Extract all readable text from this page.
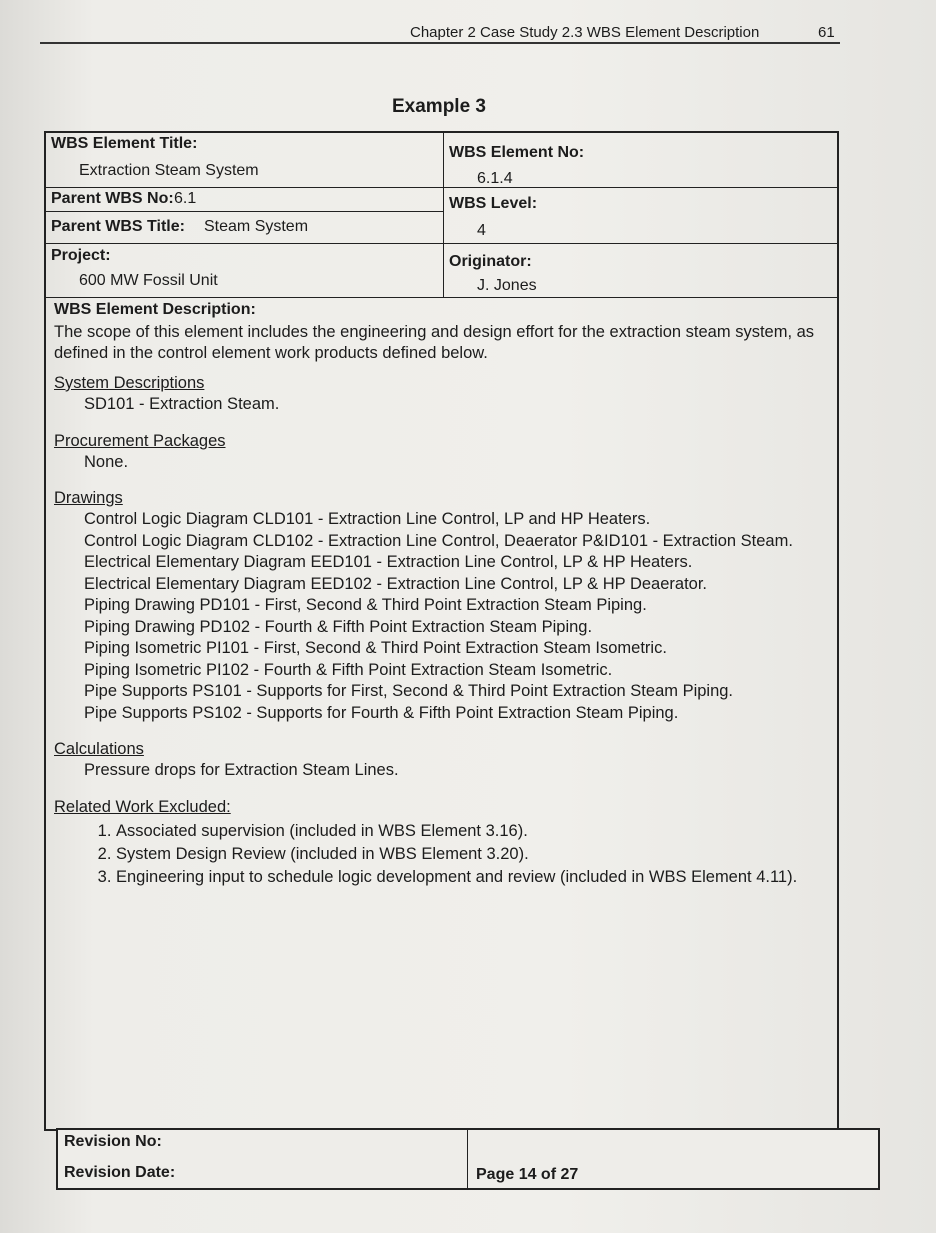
Chapter 2 Case Study 2.3 WBS Element Description	61
Example 3
WBS Element Title:
Extraction Steam System
WBS Element No:
6.1.4
Parent WBS No: 6.1
Parent WBS Title: Steam System
WBS Level:
4
Project:
600 MW Fossil Unit
Originator:
J. Jones
WBS Element Description:

The scope of this element includes the engineering and design effort for the extraction steam system, as defined in the control element work products defined below.

System Descriptions
SD101 - Extraction Steam.
Procurement Packages
None.
Drawings
Control Logic Diagram CLD101 - Extraction Line Control, LP and HP Heaters.
Control Logic Diagram CLD102 - Extraction Line Control, Deaerator P&ID101 - Extraction Steam.
Electrical Elementary Diagram EED101 - Extraction Line Control, LP & HP Heaters.
Electrical Elementary Diagram EED102 - Extraction Line Control, LP & HP Deaerator.
Piping Drawing PD101 - First, Second & Third Point Extraction Steam Piping.
Piping Drawing PD102 - Fourth & Fifth Point Extraction Steam Piping.
Piping Isometric PI101 - First, Second & Third Point Extraction Steam Isometric.
Piping Isometric PI102 - Fourth & Fifth Point Extraction Steam Isometric.
Pipe Supports PS101 - Supports for First, Second & Third Point Extraction Steam Piping.
Pipe Supports PS102 - Supports for Fourth & Fifth Point Extraction Steam Piping.
Calculations
Pressure drops for Extraction Steam Lines.
Related Work Excluded:
1. Associated supervision (included in WBS Element 3.16).
2. System Design Review (included in WBS Element 3.20).
3. Engineering input to schedule logic development and review (included in WBS Element 4.11).
Revision No:
Revision Date:	Page 14 of 27
